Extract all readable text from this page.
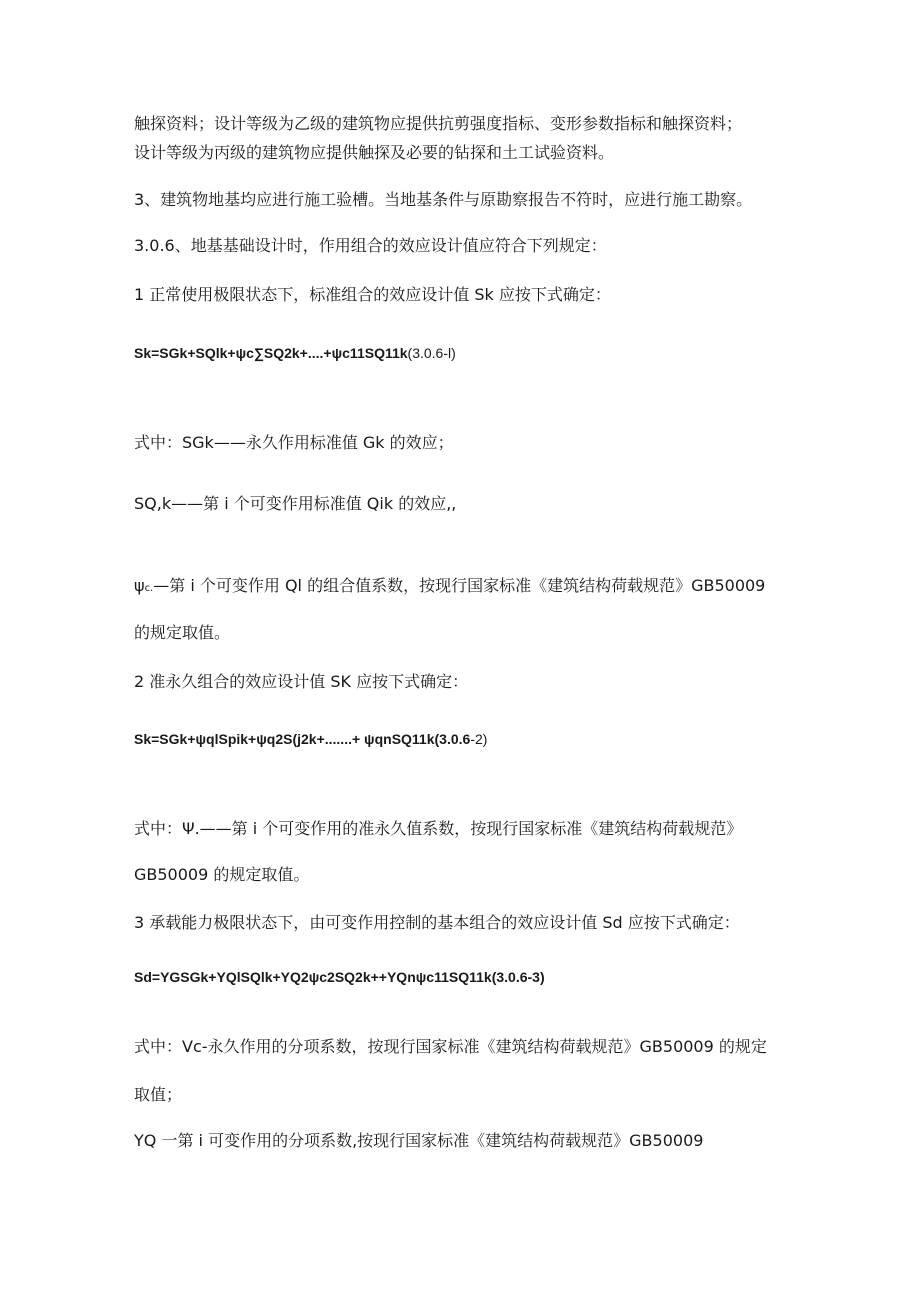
触探资料；设计等级为乙级的建筑物应提供抗剪强度指标、变形参数指标和触探资料；
设计等级为丙级的建筑物应提供触探及必要的钻探和土工试验资料。
3、建筑物地基均应进行施工验槽。当地基条件与原勘察报告不符时，应进行施工勘察。
3.0.6、地基基础设计时，作用组合的效应设计值应符合下列规定：
1 正常使用极限状态下，标准组合的效应设计值 Sk 应按下式确定：
Sk=SGk+SQlk+ψc∑SQ2k+....+ψc11SQ11k(3.0.6-l)
式中：SGk——永久作用标准值 Gk 的效应；
SQ,k——第 i 个可变作用标准值 Qik 的效应,,
ψc.—第 i 个可变作用 Ql 的组合值系数，按现行国家标准《建筑结构荷载规范》GB50009
的规定取值。
2 准永久组合的效应设计值 SK 应按下式确定：
Sk=SGk+ψqlSpik+ψq2S(j2k+.......+ ψqnSQ11k(3.0.6-2)
式中：Ψ.——第 i 个可变作用的准永久值系数，按现行国家标准《建筑结构荷载规范》
GB50009 的规定取值。
3 承载能力极限状态下，由可变作用控制的基本组合的效应设计值 Sd 应按下式确定：
Sd=YGSGk+YQlSQlk+YQ2ψc2SQ2k++YQnψc11SQ11k(3.0.6-3)
式中：Vc-永久作用的分项系数，按现行国家标准《建筑结构荷载规范》GB50009 的规定
取值；
YQ 一第 i 可变作用的分项系数,按现行国家标准《建筑结构荷载规范》GB50009
